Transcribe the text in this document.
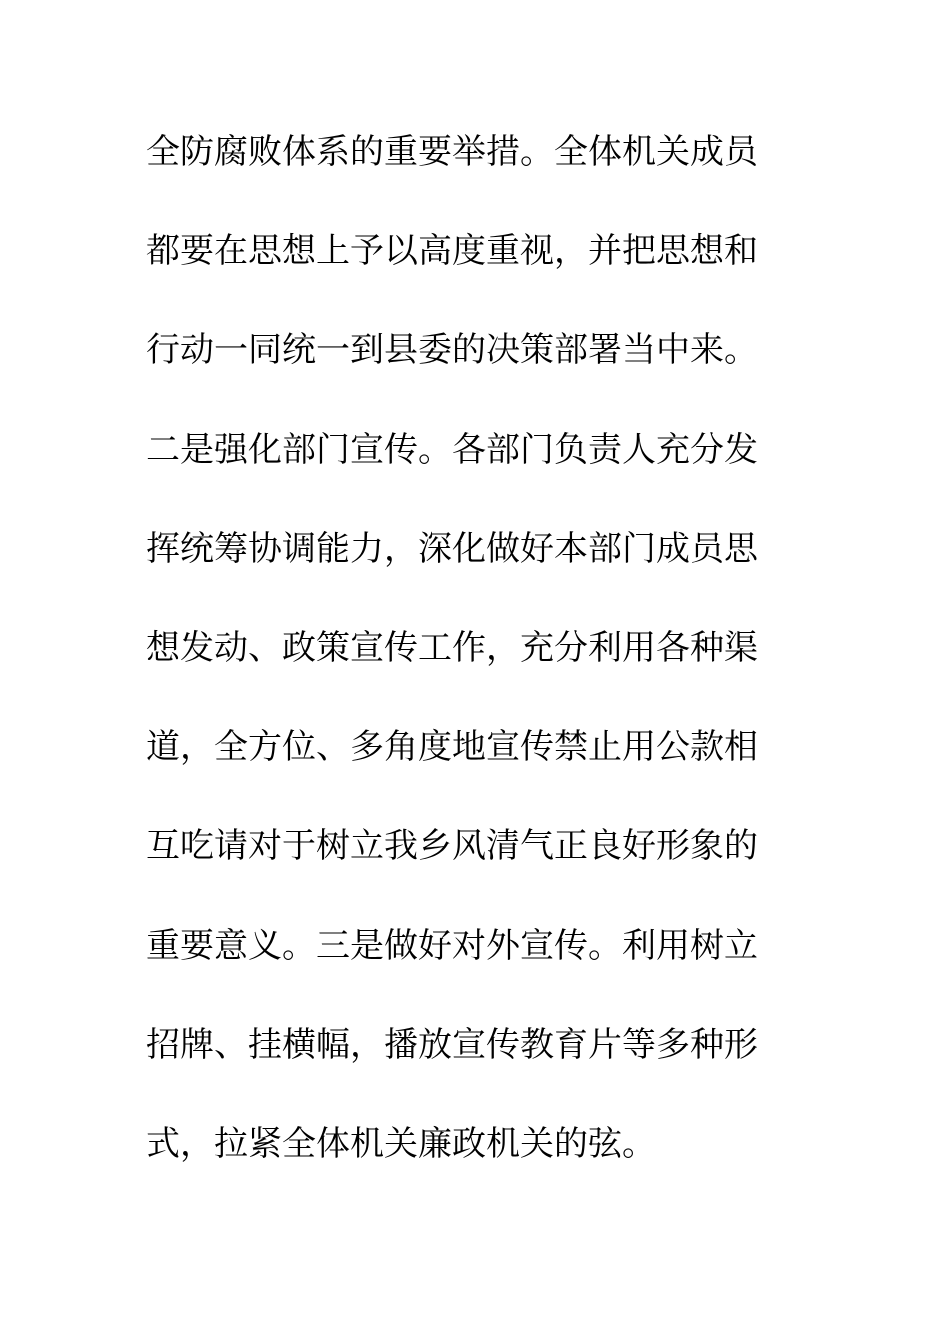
全防腐败体系的重要举措。全体机关成员
都要在思想上予以高度重视，并把思想和
行动一同统一到县委的决策部署当中来。
二是强化部门宣传。各部门负责人充分发
挥统筹协调能力，深化做好本部门成员思
想发动、政策宣传工作，充分利用各种渠
道，全方位、多角度地宣传禁止用公款相
互吃请对于树立我乡风清气正良好形象的
重要意义。三是做好对外宣传。利用树立
招牌、挂横幅，播放宣传教育片等多种形
式，拉紧全体机关廉政机关的弦。
